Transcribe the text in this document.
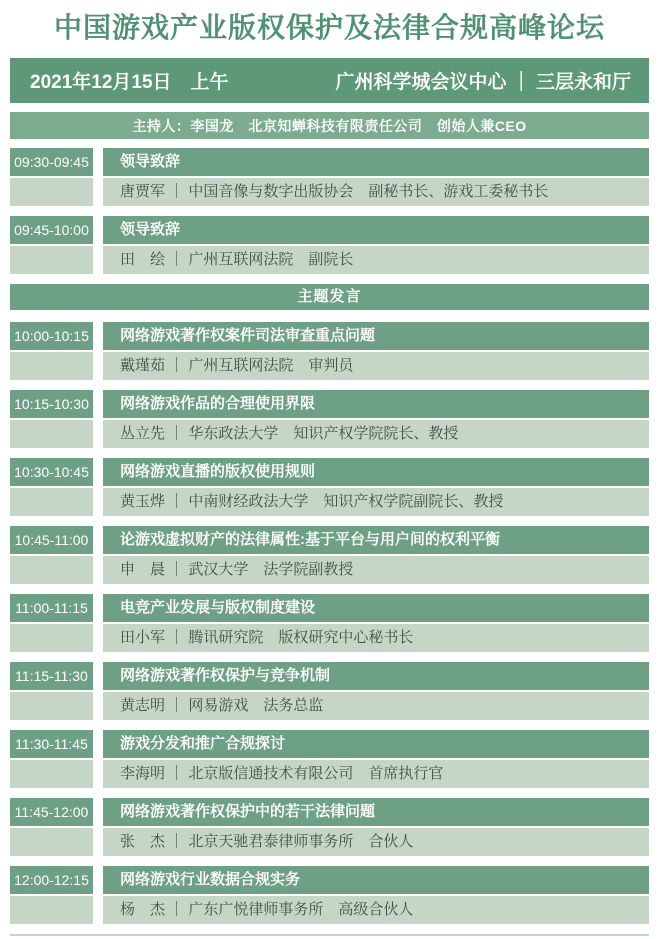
中国游戏产业版权保护及法律合规高峰论坛
2021年12月15日　上午	广州科学城会议中心 ｜ 三层永和厅
主持人：李国龙　北京知蝉科技有限责任公司　创始人兼CEO
09:30-09:45	领导致辞
唐贾军 ｜ 中国音像与数字出版协会　副秘书长、游戏工委秘书长
09:45-10:00	领导致辞
田　绘 ｜ 广州互联网法院　副院长
主题发言
10:00-10:15	网络游戏著作权案件司法审查重点问题
戴瑾茹 ｜ 广州互联网法院　审判员
10:15-10:30	网络游戏作品的合理使用界限
丛立先 ｜ 华东政法大学　知识产权学院院长、教授
10:30-10:45	网络游戏直播的版权使用规则
黄玉烨 ｜ 中南财经政法大学　知识产权学院副院长、教授
10:45-11:00	论游戏虚拟财产的法律属性:基于平台与用户间的权利平衡
申　晨 ｜ 武汉大学　法学院副教授
11:00-11:15	电竞产业发展与版权制度建设
田小军 ｜ 腾讯研究院　版权研究中心秘书长
11:15-11:30	网络游戏著作权保护与竞争机制
黄志明 ｜ 网易游戏　法务总监
11:30-11:45	游戏分发和推广合规探讨
李海明 ｜ 北京版信通技术有限公司　首席执行官
11:45-12:00	网络游戏著作权保护中的若干法律问题
张　杰 ｜ 北京天驰君泰律师事务所　合伙人
12:00-12:15	网络游戏行业数据合规实务
杨　杰 ｜ 广东广悦律师事务所　高级合伙人
